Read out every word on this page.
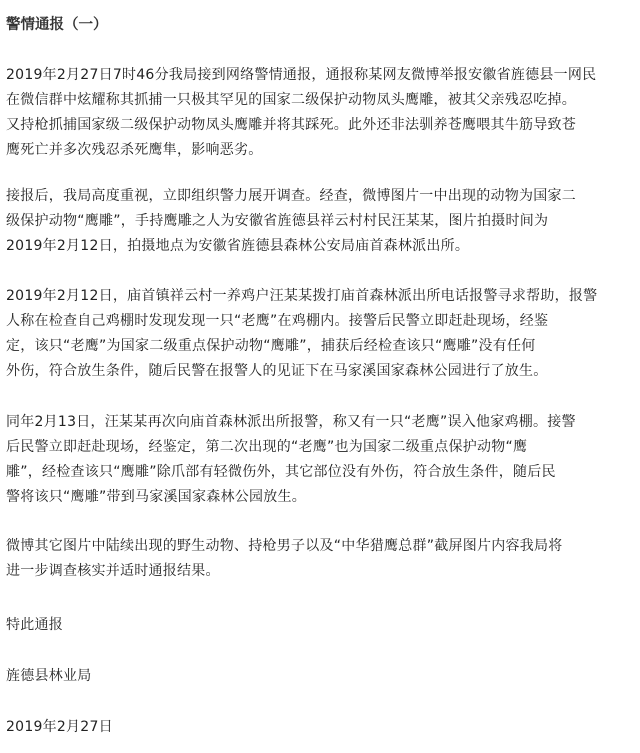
警情通报（一）

2019年2月27日7时46分我局接到网络警情通报，通报称某网友微博举报安徽省旌德县一网民
在微信群中炫耀称其抓捕一只极其罕见的国家二级保护动物凤头鹰雕，被其父亲残忍吃掉。
又持枪抓捕国家级二级保护动物凤头鹰雕并将其踩死。此外还非法驯养苍鹰喂其牛筋导致苍
鹰死亡并多次残忍杀死鹰隼，影响恶劣。

接报后，我局高度重视，立即组织警力展开调查。经查，微博图片一中出现的动物为国家二
级保护动物“鹰雕”，手持鹰雕之人为安徽省旌德县祥云村村民汪某某，图片拍摄时间为
2019年2月12日，拍摄地点为安徽省旌德县森林公安局庙首森林派出所。

2019年2月12日，庙首镇祥云村一养鸡户汪某某拨打庙首森林派出所电话报警寻求帮助，报警
人称在检查自己鸡棚时发现发现一只“老鹰”在鸡棚内。接警后民警立即赶赴现场，经鉴
定，该只“老鹰”为国家二级重点保护动物“鹰雕”，捕获后经检查该只“鹰雕”没有任何
外伤，符合放生条件，随后民警在报警人的见证下在马家溪国家森林公园进行了放生。

同年2月13日，汪某某再次向庙首森林派出所报警，称又有一只“老鹰”误入他家鸡棚。接警
后民警立即赶赴现场，经鉴定，第二次出现的“老鹰”也为国家二级重点保护动物“鹰
雕”，经检查该只“鹰雕”除爪部有轻微伤外，其它部位没有外伤，符合放生条件，随后民
警将该只“鹰雕”带到马家溪国家森林公园放生。

微博其它图片中陆续出现的野生动物、持枪男子以及“中华猎鹰总群”截屏图片内容我局将
进一步调查核实并适时通报结果。

特此通报

旌德县林业局

2019年2月27日
